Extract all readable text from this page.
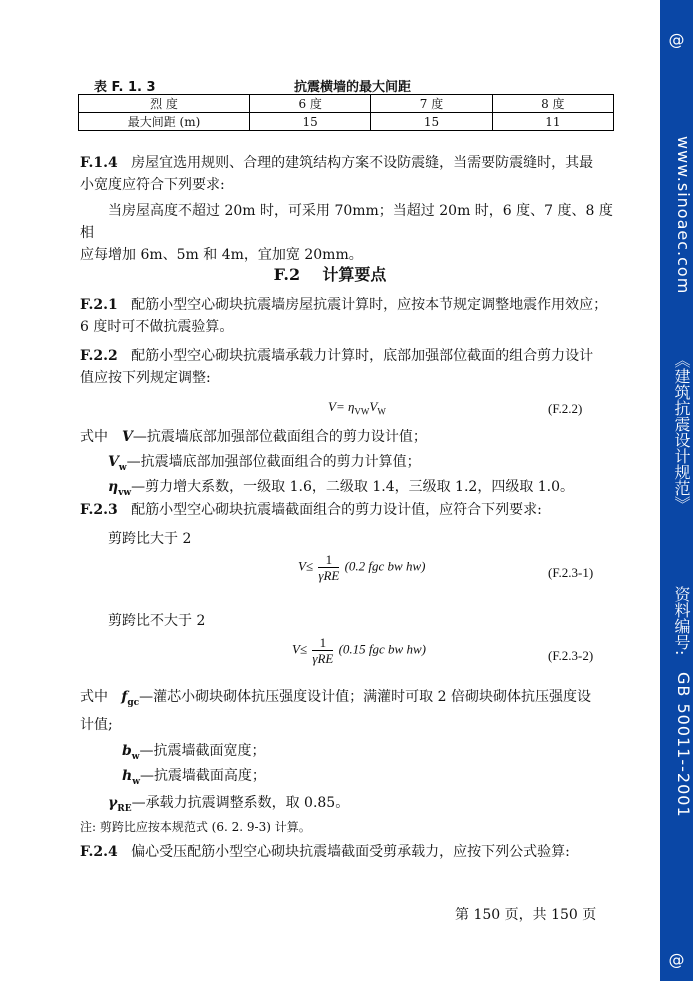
表 F. 1. 3	抗震横墙的最大间距
烈 度	6 度	7 度	8 度
最大间距 (m)	15	15	11
F.1.4 房屋宜选用规则、合理的建筑结构方案不设防震缝，当需要防震缝时，其最
小宽度应符合下列要求:
当房屋高度不超过 20m 时，可采用 70mm；当超过 20m 时，6 度、7 度、8 度相
应每增加 6m、5m 和 4m，宜加宽 20mm。
F.2    计算要点
F.2.1 配筋小型空心砌块抗震墙房屋抗震计算时，应按本节规定调整地震作用效应；
6 度时可不做抗震验算。
F.2.2 配筋小型空心砌块抗震墙承载力计算时，底部加强部位截面的组合剪力设计
值应按下列规定调整:
$V= \eta_{VW}V_W$	(F.2.2)
式中 V—抗震墙底部加强部位截面组合的剪力设计值；
$V_w—$抗震墙底部加强部位截面组合的剪力计算值；
$\eta_{vw}—$剪力增大系数，一级取 1.6，二级取 1.4，三级取 1.2，四级取 1.0。
F.2.3 配筋小型空心砌块抗震墙截面组合的剪力设计值，应符合下列要求:
剪跨比大于 2
$V\le \frac{1}{\text{γRE}} (0.2$ fgc bw hw)	(F.2.3-1)
剪跨比不大于 2
$V\le \frac{1}{\text{γRE}} (0.15$ fgc bw hw)	(F.2.3-2)
式中 $f_{gc}—$灌芯小砌块砌体抗压强度设计值；满灌时可取 2 倍砌块砌体抗压强度设
计值;
$b_w—$抗震墙截面宽度；
$h_w—$抗震墙截面高度；
$\gamma_{RE}—$承载力抗震调整系数，取 0.85。
注: 剪跨比应按本规范式 (6. 2. 9-3) 计算。
F.2.4 偏心受压配筋小型空心砌块抗震墙截面受剪承载力，应按下列公式验算:
第 150 页，共 150 页
@
www.sinoaec.com
《建筑抗震设计规范》
资料编号:
GB 50011--2001
@
